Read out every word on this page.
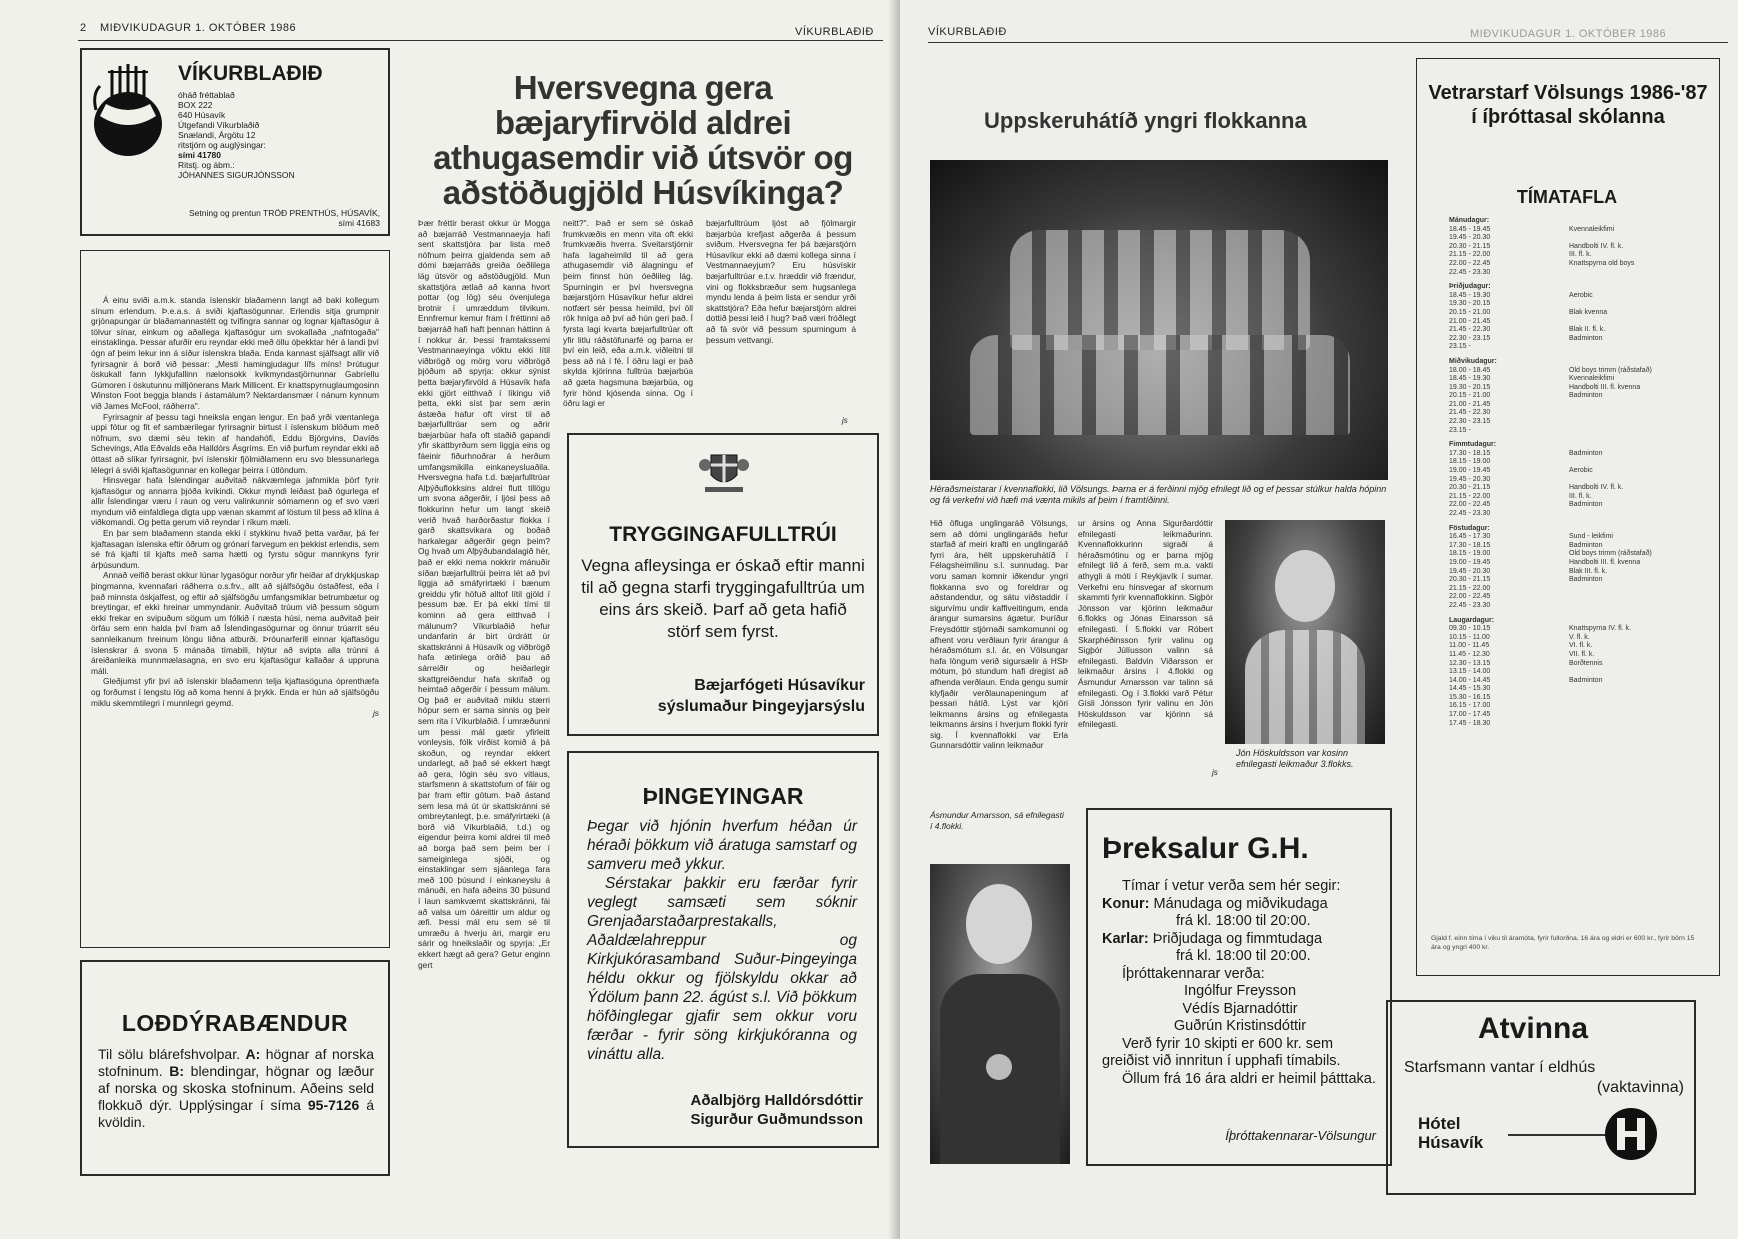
2 MIÐVIKUDAGUR 1. OKTÓBER 1986	VÍKURBLAÐIÐ
VÍKURBLAÐIÐ
óháð fréttablað
BOX 222
640 Húsavík
Útgefandi Víkurblaðið
Snælandi, Árgötu 12
ritstjórn og auglýsingar:
sími 41780
Ritstj. og ábm.:
JÓHANNES SIGURJÓNSSON
Setning og prentun TRÖÐ PRENTHÚS, HÚSAVÍK,
sími 41683

Á einu sviði a.m.k. standa íslenskir blaðamenn langt að baki kollegum sínum erlendum. Þ.e.a.s. á sviði kjaftasögunnar. Erlendis sitja grumpnir grjónapungar úr blaðamannastétt og tvífingra sannar og lognar kjaftasögur á tölvur sínar, einkum og aðallega kjaftasögur um svokallaða „nafntogaða" einstaklinga. Þessar afurðir eru reyndar ekki með öllu óþekktar hér á landi því ógn af þeim lekur inn á síður íslenskra blaða. Enda kannast sjálfsagt allir við fyrirsagnir á borð við þessar: „Mesti hamingjudagur lífs míns! Þrútugur öskukall fann lykkjufallinn nælonsokk kvikmyndastjörnunnar Gabríellu Gúmoren í öskutunnu milljónerans Mark Millicent. Er knattspyrnuglaumgosinn Winston Foot beggja blands í ástamálum? Nektardansmær í nánum kynnum við James McFool, ráðherra".

Fyrirsagnir af þessu tagi hneiksla engan lengur. En það yrði væntanlega uppi fótur og fit ef sambærilegar fyrirsagnir birtust í íslenskum blöðum með nöfnum, svo dæmi séu tekin af handahófi, Eddu Björgvins, Davíðs Schevings, Atla Eðvalds eða Halldórs Ásgríms. En við þurfum reyndar ekki að óttast að slíkar fyrirsagnir, því íslenskir fjölmiðlamenn eru svo blessunarlega lélegri á sviði kjaftasögunnar en kollegar þeirra í útlöndum.

Hinsvegar hafa Íslendingar auðvitað nákvæmlega jafnmikla þörf fyrir kjaftasögur og annarra þjóða kvikindi. Okkur myndi leiðast það ógurlega ef allir Íslendingar væru í raun og veru valinkunnir sómamenn og ef svo væri myndum við einfaldlega digta upp vænan skammt af löstum til þess að klína á viðkomandi. Og þetta gerum við reyndar í ríkum mæli.

En þar sem blaðamenn standa ekki í stykkinu hvað þetta varðar, þá fer kjaftasagan íslenska eftir öðrum og grónari farvegum en þekkist erlendis, sem sé frá kjafti til kjafts með sama hætti og fyrstu sögur mannkyns fyrir árþúsundum.

Annað veifið berast okkur lúnar lygasögur norður yfir heiðar af drykkjuskap þingmanna, kvennafari ráðherra o.s.frv., allt að sjálfsögðu óstaðfest, eða í það minnsta óskjalfest, og eftir að sjálfsögðu umfangsmiklar betrumbætur og breytingar, ef ekki hreinar ummyndanir. Auðvitað trúum við þessum sögum ekki frekar en svipuðum sögum um fólkið í næsta húsi, nema auðvitað þeir örfáu sem enn halda því fram að Íslendingasögurnar og önnur trúarrit séu sannleikanum hreinum löngu liðna atburði. Þróunarferill einnar kjaftasögu íslenskrar á svona 5 mánaða tímabili, hlýtur að svipta alla trúnni á áreiðanleika munnmælasagna, en svo eru kjaftasögur kallaðar á uppruna máli.

Gleðjumst yfir því að íslenskir blaðamenn telja kjaftasöguna óprenthæfa og forðumst í lengstu lög að koma henni á þrykk. Enda er hún að sjálfsögðu miklu skemmtilegri í munnlegri geymd.

js
LOÐDÝRABÆNDUR
Til sölu blárefshvolpar. A: högnar af norska stofninum. B: blendingar, högnar og læður af norska og skoska stofninum. Aðeins seld flokkuð dýr. Upplýsingar í síma 95-7126 á kvöldin.
Hversvegna gera bæjaryfirvöld aldrei athugasemdir við útsvör og aðstöðugjöld Húsvíkinga?
Þær fréttir berast okkur úr Mogga að bæjarráð Vestmannaeyja hafi sent skattstjóra þar lista með nöfnum þeirra gjaldenda sem að dómi bæjarráðs greiða óeðlilega lág útsvör og aðstöðugjöld. Mun skattstjóra ætlað að kanna hvort pottar (og lög) séu óvenjulega brotnir í umræddum tilvikum. Ennfremur kemur fram í fréttinni að bæjarráð hafi haft þennan háttinn á í nokkur ár. Þessi framtakssemi Vestmannaeyinga vöktu ekki lítil viðbrögð og mörg voru viðbrögð þjóðum að spyrja: okkur sýnist þetta bæjaryfirvöld á Húsavík hafa ekki gjört eitthvað í líkingu við þetta, ekki síst þar sem ærin ástæða hafur oft virst til að bæjarfulltrúar sem og aðrir bæjarbúar hafa oft staðið gapandi yfir skattbyrðum sem liggja eins og fáeinir fiðurhnoðrar á herðum umfangsmikilla einkaneysluaðila. Hversvegna hafa t.d. bæjarfulltrúar Alþýðuflokksins aldrei flutt tillögu um svona aðgerðir, í ljósi þess að flokkurinn hefur um langt skeið verið hvað harðorðastur flokka í garð skattsvikara og boðað harkalegar aðgerðir gegn þeim? Og hvað um Alþýðubandalagið hér, það er ekki nema nokkrir mánuðir síðan bæjarfulltrúi þeirra lét að því liggja að smáfyrirtæki í bænum greiddu yfir höfuð alltof lítil gjöld í þessum bæ. Er þá ekki tími til kominn að gera eitthvað í málunum? Víkurblaðið hefur undanfarin ár birt úrdrátt úr skattskránni á Húsavík og viðbrögð hafa ætinlega orðið þau að sárreiðir og heiðarlegir skattgreiðendur hafa skrifað og heimtað aðgerðir í þessum málum. Og það er auðvitað miklu stærri hópur sem er sama sinnis og þeir sem rita í Víkurblaðið. Í umræðunni um þessi mál gætir yfirleitt vonleysis, fólk virðist komið á þá skoðun, og reyndar ekkert undarlegt, að það sé ekkert hægt að gera, lögin séu svo vitlaus, starfsmenn á skattstofum of fáir og þar fram eftir götum. Það ástand sem lesa má út úr skattskránni sé ombreytanlegt, þ.e. smáfyrirtæki (á borð við Víkurblaðið, t.d.) og eigendur þeirra komi aldrei til með að borga það sem þeim ber í sameiginlega sjóði, og einstaklingar sem sjáanlega fara með 100 þúsund í einkaneyslu á mánuði, en hafa aðeins 30 þúsund í laun samkvæmt skattskránni, fái að valsa um óáreittir um aldur og æfi. Þessi mál eru sem sé til umræðu á hverju ári, margir eru sárir og hneikslaðir og spyrja: „Er ekkert hægt að gera? Getur enginn gert
neitt?". Það er sem sé óskað frumkvæðis en menn vita oft ekki frumkvæðis hverra. Sveitarstjórnir hafa lagaheimild til að gera athugasemdir við álagningu ef þeim finnst hún óeðlileg lág. Spurningin er því hversvegna bæjarstjórn Húsavíkur hefur aldrei notfært sér þessa heimild, því öll rök hníga að því að hún geri það. Í fyrsta lagi kvarta bæjarfulltrúar oft yfir litlu ráðstöfunarfé og þarna er því ein leið, eða a.m.k. viðleitni til þess að ná í fé. Í öðru lagi er það skylda kjörinna fulltrúa bæjarbúa að gæta hagsmuna bæjarbúa, og fyrir hönd kjósenda sinna. Og í öðru lagi er
bæjarfulltrúum ljóst að fjölmargir bæjarbúa krefjast aðgerða á þessum sviðum. Hversvegna fer þá bæjarstjórn Húsavíkur ekki að dæmi kollega sinna í Vestmannaeyjum? Eru húsvískir bæjarfulltrúar e.t.v. hræddir við frændur, vini og flokksbræður sem hugsanlega myndu lenda á þeim lista er sendur yrði skattstjóra? Eða hefur bæjarstjórn aldrei dottið þessi leið í hug? Það væri fróðlegt að fá svör við þessum spurningum á þessum vettvangi.
js
TRYGGINGAFULLTRÚI
Vegna afleysinga er óskað eftir manni til að gegna starfi tryggingafulltrúa um eins árs skeið. Þarf að geta hafið störf sem fyrst.
Bæjarfógeti Húsavíkur
sýslumaður Þingeyjarsýslu
ÞINGEYINGAR
Þegar við hjónin hverfum héðan úr héraði þökkum við áratuga samstarf og samveru með ykkur.
Sérstakar þakkir eru færðar fyrir veglegt samsæti sem sóknir Grenjaðarstaðarprestakalls, Aðaldælahreppur og Kirkjukórasamband Suður-Þingeyinga héldu okkur og fjölskyldu okkar að Ýdölum þann 22. ágúst s.l. Við þökkum höfðinglegar gjafir sem okkur voru færðar - fyrir söng kirkjukóranna og vináttu alla.
Aðalbjörg Halldórsdóttir
Sigurður Guðmundsson
VÍKURBLAÐIÐ	MIÐVIKUDAGUR 1. OKTÓBER 1986
Uppskeruhátíð yngri flokkanna
Héraðsmeistarar í kvennaflokki, lið Völsungs. Þarna er á ferðinni mjög efnilegt lið og ef þessar stúlkur halda hópinn og fá verkefni við hæfi má vænta mikils af þeim í framtíðinni.
Hið öfluga unglingaráð Völsungs, sem að dómi unglingaráðs hefur starfað af meiri krafti en unglingaráð fyrri ára, hélt uppskeruhátíð í Félagsheimilinu s.l. sunnudag. Þar voru saman komnir iðkendur yngri flokkanna svo og foreldrar og aðstandendur, og sátu viðstaddir í sigurvímu undir kaffiveitingum, enda árangur sumarsins ágætur. Þuríður Freysdóttir stjórnaði samkomunni og afhent voru verðlaun fyrir árangur á héraðsmótum s.l. ár, en Völsungar hafa löngum verið sigursælir á HSÞ mótum, þó stundum hafi dregist að afhenda verðlaun. Enda gengu sumir klyfjaðir verðlaunapeningum af þessari hátíð. Lýst var kjöri leikmanns ársins og efnilegasta leikmanns ársins í hverjum flokki fyrir sig. Í kvennaflokki var Erla Gunnarsdóttir valinn leikmaður
ur ársins og Anna Sigurðardóttir efnilegasti leikmaðurinn. Kvennaflokkurinn sigraði á héraðsmótinu og er þarna mjög efnilegt lið á ferð, sem m.a. vakti athygli á móti í Reykjavík í sumar. Verkefni eru hinsvegar af skornum skammti fyrir kvennaflokkinn. Sigþór Jónsson var kjörinn leikmaður 6.flokks og Jónas Einarsson sá efnilegasti. Í 5.flokki var Róbert Skarphéðinsson fyrir valinu og Sigþór Júlíusson valinn sá efnilegasti. Baldvin Viðarsson er leikmaður ársins í 4.flokki og Ásmundur Arnarsson var talinn sá efnilegasti. Og í 3.flokki varð Pétur Gísli Jónsson fyrir valinu en Jón Höskuldsson var kjörinn sá efnilegasti.
js
Jón Höskuldsson var kosinn efnilegasti leikmaður 3.flokks.
Ásmundur Arnarsson, sá efnilegasti í 4.flokki.
Þreksalur G.H.
Tímar í vetur verða sem hér segir:
Konur: Mánudaga og miðvikudaga
frá kl. 18:00 til 20:00.
Karlar: Þriðjudaga og fimmtudaga
frá kl. 18:00 til 20:00.
Íþróttakennarar verða:
Ingólfur Freysson
Védís Bjarnadóttir
Guðrún Kristinsdóttir
Verð fyrir 10 skipti er 600 kr. sem greiðist við innritun í upphafi tímabils.
Öllum frá 16 ára aldri er heimil þátttaka.
Íþróttakennarar-Völsungur
Vetrarstarf Völsungs 1986-'87 í íþróttasal skólanna
TÍMATAFLA
Mánudagur:
18.45 - 19.45	Kvennaleikfimi
19.45 - 20.30
20.30 - 21.15	Handbolti IV. fl. k.
21.15 - 22.00	III. fl. k.
22.00 - 22.45	Knattspyrna old boys
22.45 - 23.30
Þriðjudagur:
18.45 - 19.30	Aerobic
19.30 - 20.15
20.15 - 21.00	Blak kvenna
21.00 - 21.45
21.45 - 22.30	Blak II. fl. k.
22.30 - 23.15	Badminton
23.15 -
Miðvikudagur:
18.00 - 18.45	Old boys trimm (ráðstafað)
18.45 - 19.30	Kvennaleikfimi
19.30 - 20.15	Handbolti III. fl. kvenna
20.15 - 21.00	Badminton
21.00 - 21.45
21.45 - 22.30
22.30 - 23.15
23.15 -
Fimmtudagur:
17.30 - 18.15	Badminton
18.15 - 19.00
19.00 - 19.45	Aerobic
19.45 - 20.30
20.30 - 21.15	Handbolti IV. fl. k.
21.15 - 22.00	III. fl. k.
22.00 - 22.45	Badminton
22.45 - 23.30
Föstudagur:
16.45 - 17.30	Sund - leikfimi
17.30 - 18.15	Badminton
18.15 - 19.00	Old boys trimm (ráðstafað)
19.00 - 19.45	Handbolti III. fl. kvenna
19.45 - 20.30	Blak III. fl. k.
20.30 - 21.15	Badminton
21.15 - 22.00
22.00 - 22.45
22.45 - 23.30
Laugardagur:
09.30 - 10.15	Knattspyrna IV. fl. k.
10.15 - 11.00	V. fl. k.
11.00 - 11.45	VI. fl. k.
11.45 - 12.30	VII. fl. k.
12.30 - 13.15	Borðtennis
13.15 - 14.00
14.00 - 14.45	Badminton
14.45 - 15.30
15.30 - 16.15
16.15 - 17.00
17.00 - 17.45
17.45 - 18.30
Gjald f. einn tíma í viku til áramóta, fyrir fullorðna, 16 ára og eldri er 600 kr., fyrir börn 15 ára og yngri 400 kr.
Atvinna
Starfsmann vantar í eldhús
(vaktavinna)
Hótel
Húsavík
